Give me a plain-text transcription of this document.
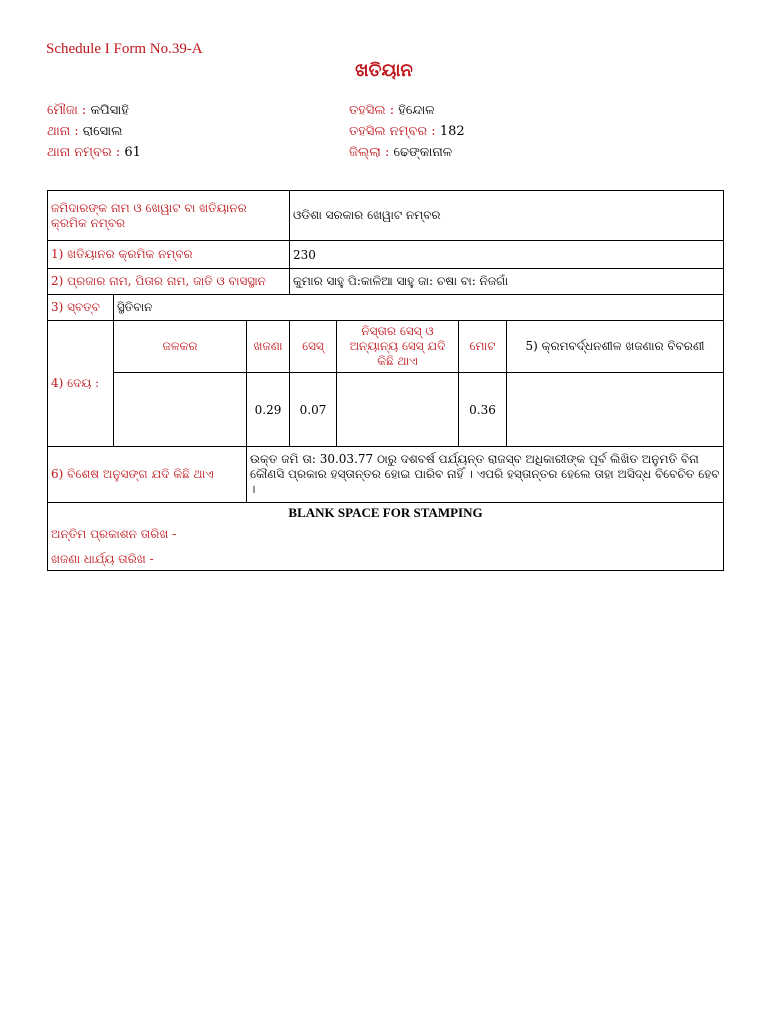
Schedule I Form No.39-A
ଖତିୟାନ
ମୌଜା : କପିସାହି
ଥାନା : ରାସୋଲ
ଥାନା ନମ୍ବର : 61
ତହସିଲ : ହିନ୍ଦୋଳ
ତହସିଲ ନମ୍ବର : 182
ଜିଲ୍ଲା : ଢେଙ୍କାନାଳ
ଜମିଦାରଙ୍କ ନାମ ଓ ଖେୱାଟ ବା ଖତିୟାନର କ୍ରମିକ ନମ୍ବର			ଓଡିଶା ସରକାର ଖେୱାଟ ନମ୍ବର			
1) ଖତିୟାନର କ୍ରମିକ ନମ୍ବର			230			
2) ପ୍ରଜାର ନାମ, ପିତାର ନାମ, ଜାତି ଓ ବାସସ୍ଥାନ			କୁମାର ସାହୁ ପି:କାଳିଆ ସାହୁ ଜା: ଚଷା ବା: ନିଜଗାଁ			
3) ସ୍ବତ୍ବ	ସ୍ଥିତିବାନ					
4) ଦେୟ :	ଜଳକର	ଖଜଣା	ସେସ୍	ନିସ୍ତାର ସେସ୍ ଓ ଅନ୍ୟାନ୍ୟ ସେସ୍ ଯଦି କିଛି ଥାଏ	ମୋଟ	5) କ୍ରମବର୍ଦ୍ଧନଶୀଳ ଖଜଣାର ବିବରଣୀ
		0.29	0.07		0.36	
6) ବିଶେଷ ଅନୁସଙ୍ଗ ଯଦି କିଛି ଥାଏ		ଉକ୍ତ ଜମି ତା: 30.03.77 ଠାରୁ ଦଶବର୍ଷ ପର୍ଯ୍ୟନ୍ତ ରାଜସ୍ବ ଅଧିକାରୀଙ୍କ ପୂର୍ବ ଲିଖିତ ଅନୁମତି ବିନା କୌଣସି ପ୍ରକାର ହସ୍ତାନ୍ତର ହୋଇ ପାରିବ ନାହିଁ । ଏପରି ହସ୍ତାନ୍ତର ହେଲେ ତାହା ଅସିଦ୍ଧ ବିବେଚିତ ହେବ ।				

BLANK SPACE FOR STAMPING
ଅନ୍ତିମ ପ୍ରକାଶନ ତାରିଖ -
ଖଜଣା ଧାର୍ଯ୍ୟ ତାରିଖ -						
